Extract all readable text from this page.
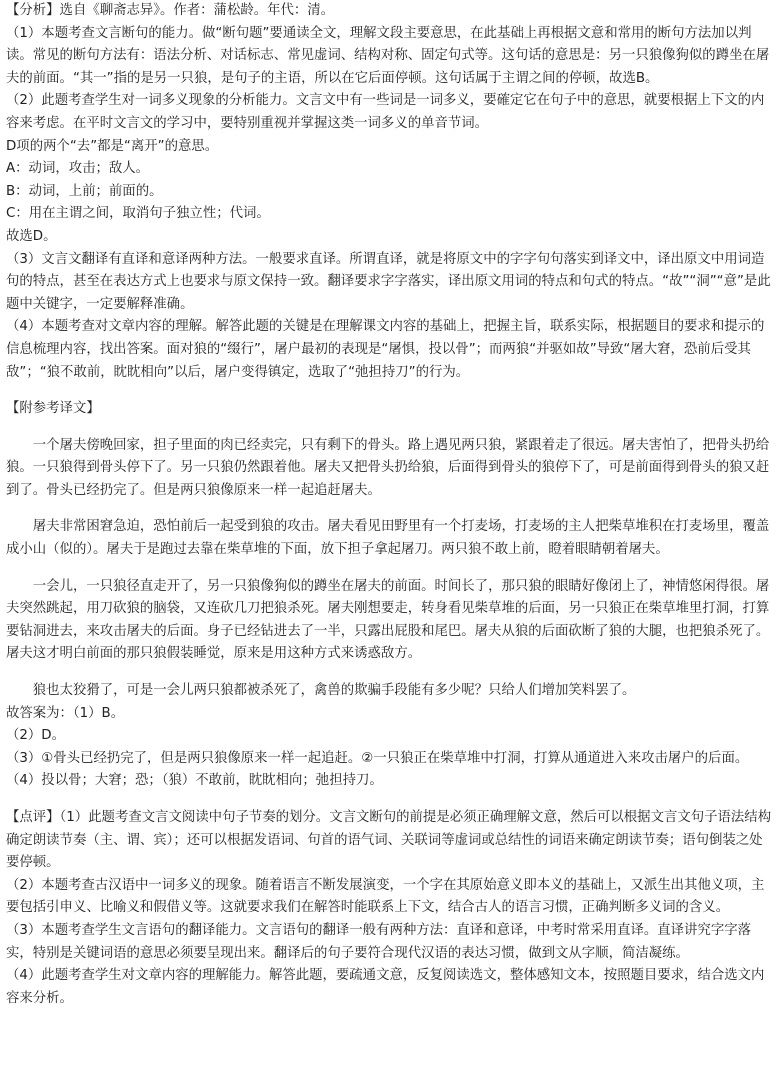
【分析】选自《聊斋志异》。作者：蒲松龄。年代：清。

（1）本题考查文言断句的能力。做“断句题”要通读全文，理解文段主要意思，在此基础上再根据文意和常用的断句方法加以判读。常见的断句方法有：语法分析、对话标志、常见虚词、结构对称、固定句式等。这句话的意思是：另一只狼像狗似的蹲坐在屠夫的前面。“其一”指的是另一只狼，是句子的主语，所以在它后面停顿。这句话属于主谓之间的停顿，故选B。

（2）此题考查学生对一词多义现象的分析能力。文言文中有一些词是一词多义，要確定它在句子中的意思，就要根据上下文的内容来考虑。在平时文言文的学习中，要特别重视并掌握这类一词多义的单音节词。

D项的两个“去”都是“离开”的意思。

A：动词，攻击；敌人。

B：动词，上前；前面的。

C：用在主谓之间，取消句子独立性；代词。

故选D。

（3）文言文翻译有直译和意译两种方法。一般要求直译。所谓直译，就是将原文中的字字句句落实到译文中，译出原文中用词造句的特点，甚至在表达方式上也要求与原文保持一致。翻译要求字字落实，译出原文用词的特点和句式的特点。“故”“洞”“意”是此题中关键字，一定要解释准确。

（4）本题考查对文章内容的理解。解答此题的关键是在理解课文内容的基础上，把握主旨，联系实际，根据题目的要求和提示的信息梳理内容，找出答案。面对狼的“缀行”，屠户最初的表现是“屠惧，投以骨”；而两狼“并驱如故”导致“屠大窘，恐前后受其敌”；“狼不敢前，眈眈相向”以后，屠户变得镇定，选取了“弛担持刀”的行为。

【附参考译文】

一个屠夫傍晚回家，担子里面的肉已经卖完，只有剩下的骨头。路上遇见两只狼，紧跟着走了很远。屠夫害怕了，把骨头扔给狼。一只狼得到骨头停下了。另一只狼仍然跟着他。屠夫又把骨头扔给狼，后面得到骨头的狼停下了，可是前面得到骨头的狼又赶到了。骨头已经扔完了。但是两只狼像原来一样一起追赶屠夫。

屠夫非常困窘急迫，恐怕前后一起受到狼的攻击。屠夫看见田野里有一个打麦场，打麦场的主人把柴草堆积在打麦场里，覆盖成小山（似的）。屠夫于是跑过去靠在柴草堆的下面，放下担子拿起屠刀。两只狼不敢上前，瞪着眼睛朝着屠夫。

一会儿，一只狼径直走开了，另一只狼像狗似的蹲坐在屠夫的前面。时间长了，那只狼的眼睛好像闭上了，神情悠闲得很。屠夫突然跳起，用刀砍狼的脑袋，又连砍几刀把狼杀死。屠夫刚想要走，转身看见柴草堆的后面，另一只狼正在柴草堆里打洞，打算要钻洞进去，来攻击屠夫的后面。身子已经钻进去了一半，只露出屁股和尾巴。屠夫从狼的后面砍断了狼的大腿，也把狼杀死了。屠夫这才明白前面的那只狼假装睡觉，原来是用这种方式来诱惑敌方。

狼也太狡猾了，可是一会儿两只狼都被杀死了，禽兽的欺骗手段能有多少呢？只给人们增加笑料罢了。

故答案为：（1）B。

（2）D。

（3）①骨头已经扔完了，但是两只狼像原来一样一起追赶。②一只狼正在柴草堆中打洞，打算从通道进入来攻击屠户的后面。

（4）投以骨；大窘；恐；（狼）不敢前，眈眈相向；弛担持刀。

【点评】（1）此题考查文言文阅读中句子节奏的划分。文言文断句的前提是必须正确理解文意，然后可以根据文言文句子语法结构确定朗读节奏（主、谓、宾）；还可以根据发语词、句首的语气词、关联词等虚词或总结性的词语来确定朗读节奏；语句倒装之处要停顿。

（2）本题考查古汉语中一词多义的现象。随着语言不断发展演变，一个字在其原始意义即本义的基础上，又派生出其他义项，主要包括引申义、比喻义和假借义等。这就要求我们在解答时能联系上下文，结合古人的语言习惯，正确判断多义词的含义。

（3）本题考查学生文言语句的翻译能力。文言语句的翻译一般有两种方法：直译和意译，中考时常采用直译。直译讲究字字落实，特别是关键词语的意思必须要呈现出来。翻译后的句子要符合现代汉语的表达习惯，做到文从字顺，简洁凝练。

（4）此题考查学生对文章内容的理解能力。解答此题，要疏通文意，反复阅读选文，整体感知文本，按照题目要求，结合选文内容来分析。
